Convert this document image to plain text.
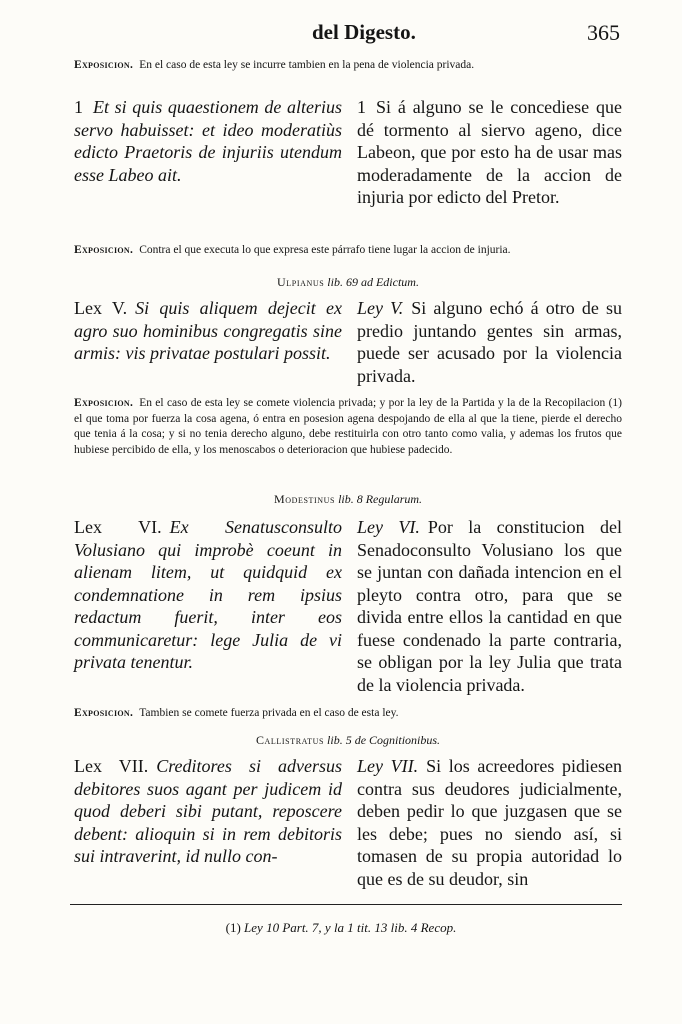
del Digesto.	365
Exposicion. En el caso de esta ley se incurre tambien en la pena de violencia privada.
1 Et si quis quaestionem de alterius servo habuisset: et ideo moderatiùs edicto Praetoris de injuriis utendum esse Labeo ait.
1 Si á alguno se le concediese que dé tormento al siervo ageno, dice Labeon, que por esto ha de usar mas moderadamente de la accion de injuria por edicto del Pretor.
Exposicion. Contra el que executa lo que expresa este párrafo tiene lugar la accion de injuria.
Ulpianus lib. 69 ad Edictum.
Lex V. Si quis aliquem dejecit ex agro suo hominibus congregatis sine armis: vis privatae postulari possit.
Ley V. Si alguno echó á otro de su predio juntando gentes sin armas, puede ser acusado por la violencia privada.
Exposicion. En el caso de esta ley se comete violencia privada; y por la ley de la Partida y la de la Recopilacion (1) el que toma por fuerza la cosa agena, ó entra en posesion agena despojando de ella al que la tiene, pierde el derecho que tenia á la cosa; y si no tenia derecho alguno, debe restituirla con otro tanto como valia, y ademas los frutos que hubiese percibido de ella, y los menoscabos o deterioracion que hubiese padecido.
Modestinus lib. 8 Regularum.
Lex VI. Ex Senatusconsulto Volusiano qui improbè coeunt in alienam litem, ut quidquid ex condemnatione in rem ipsius redactum fuerit, inter eos communicaretur: lege Julia de vi privata tenentur.
Ley VI. Por la constitucion del Senadoconsulto Volusiano los que se juntan con dañada intencion en el pleyto contra otro, para que se divida entre ellos la cantidad en que fuese condenado la parte contraria, se obligan por la ley Julia que trata de la violencia privada.
Exposicion. Tambien se comete fuerza privada en el caso de esta ley.
Callistratus lib. 5 de Cognitionibus.
Lex VII. Creditores si adversus debitores suos agant per judicem id quod deberi sibi putant, reposcere debent: alioquin si in rem debitoris sui intraverint, id nullo con-
Ley VII. Si los acreedores pidiesen contra sus deudores judicialmente, deben pedir lo que juzgasen que se les debe; pues no siendo así, si tomasen de su propia autoridad lo que es de su deudor, sin
(1) Ley 10 Part. 7, y la 1 tit. 13 lib. 4 Recop.
